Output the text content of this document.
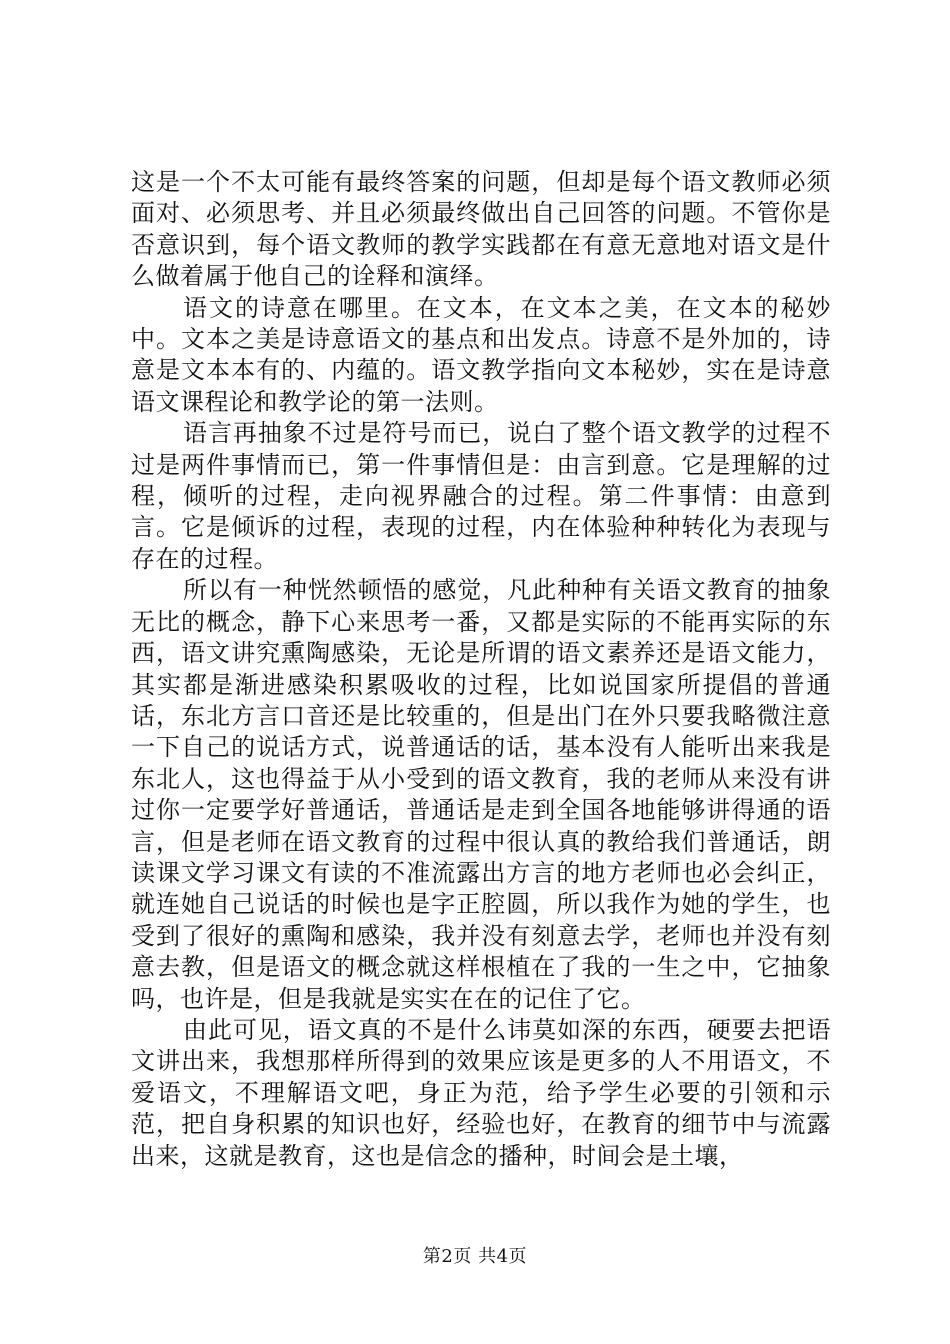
这是一个不太可能有最终答案的问题，但却是每个语文教师必须面对、必须思考、并且必须最终做出自己回答的问题。不管你是否意识到，每个语文教师的教学实践都在有意无意地对语文是什么做着属于他自己的诠释和演绎。

语文的诗意在哪里。在文本，在文本之美，在文本的秘妙中。文本之美是诗意语文的基点和出发点。诗意不是外加的，诗意是文本本有的、内蕴的。语文教学指向文本秘妙，实在是诗意语文课程论和教学论的第一法则。

语言再抽象不过是符号而已，说白了整个语文教学的过程不过是两件事情而已，第一件事情但是：由言到意。它是理解的过程，倾听的过程，走向视界融合的过程。第二件事情：由意到言。它是倾诉的过程，表现的过程，内在体验种种转化为表现与存在的过程。

所以有一种恍然顿悟的感觉，凡此种种有关语文教育的抽象无比的概念，静下心来思考一番，又都是实际的不能再实际的东西，语文讲究熏陶感染，无论是所谓的语文素养还是语文能力，其实都是渐进感染积累吸收的过程，比如说国家所提倡的普通话，东北方言口音还是比较重的，但是出门在外只要我略微注意一下自己的说话方式，说普通话的话，基本没有人能听出来我是东北人，这也得益于从小受到的语文教育，我的老师从来没有讲过你一定要学好普通话，普通话是走到全国各地能够讲得通的语言，但是老师在语文教育的过程中很认真的教给我们普通话，朗读课文学习课文有读的不准流露出方言的地方老师也必会纠正，就连她自己说话的时候也是字正腔圆，所以我作为她的学生，也受到了很好的熏陶和感染，我并没有刻意去学，老师也并没有刻意去教，但是语文的概念就这样根植在了我的一生之中，它抽象吗，也许是，但是我就是实实在在的记住了它。

由此可见，语文真的不是什么讳莫如深的东西，硬要去把语文讲出来，我想那样所得到的效果应该是更多的人不用语文，不爱语文，不理解语文吧，身正为范，给予学生必要的引领和示范，把自身积累的知识也好，经验也好，在教育的细节中与流露出来，这就是教育，这也是信念的播种，时间会是土壤，

第2页 共4页
